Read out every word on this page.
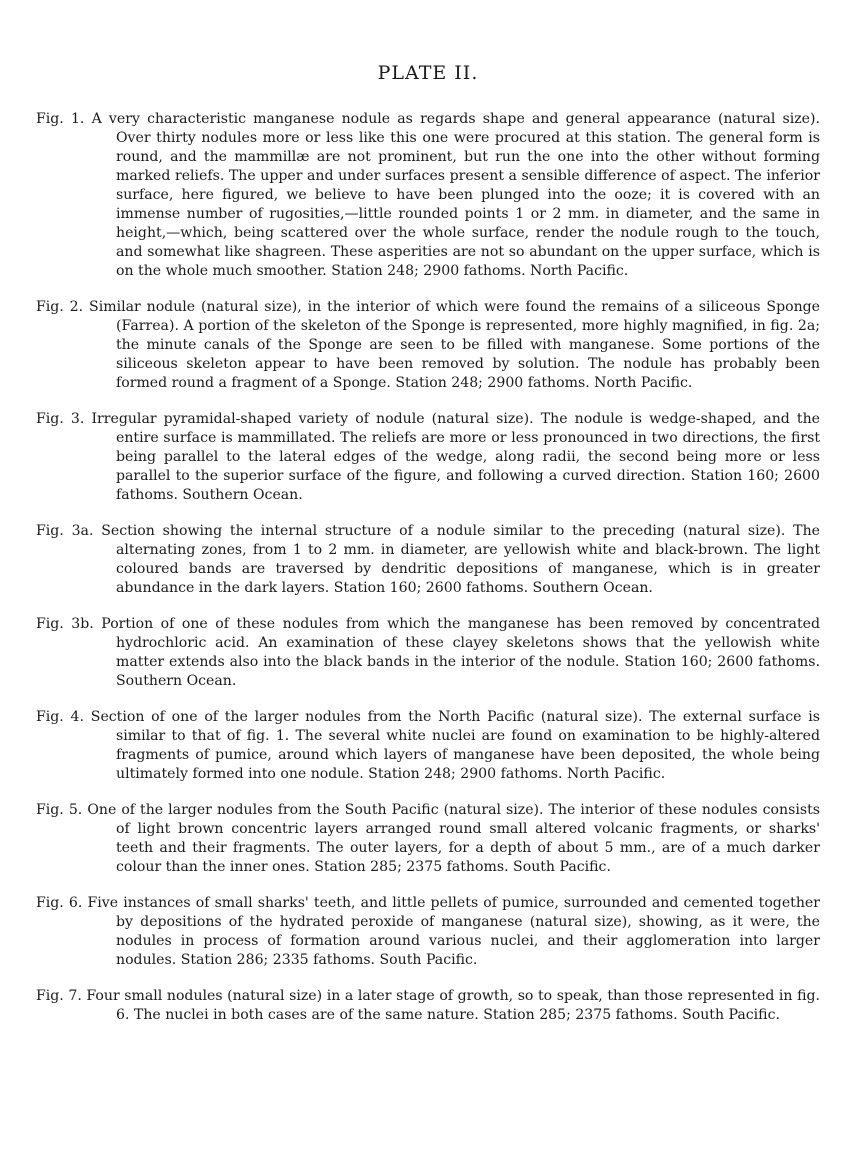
PLATE II.

Fig. 1. A very characteristic manganese nodule as regards shape and general appearance (natural size). Over thirty nodules more or less like this one were procured at this station. The general form is round, and the mammillæ are not prominent, but run the one into the other without forming marked reliefs. The upper and under surfaces present a sensible difference of aspect. The inferior surface, here figured, we believe to have been plunged into the ooze; it is covered with an immense number of rugosities,—little rounded points 1 or 2 mm. in diameter, and the same in height,—which, being scattered over the whole surface, render the nodule rough to the touch, and somewhat like shagreen. These asperities are not so abundant on the upper surface, which is on the whole much smoother. Station 248; 2900 fathoms. North Pacific.

Fig. 2. Similar nodule (natural size), in the interior of which were found the remains of a siliceous Sponge (Farrea). A portion of the skeleton of the Sponge is represented, more highly magnified, in fig. 2a; the minute canals of the Sponge are seen to be filled with manganese. Some portions of the siliceous skeleton appear to have been removed by solution. The nodule has probably been formed round a fragment of a Sponge. Station 248; 2900 fathoms. North Pacific.

Fig. 3. Irregular pyramidal-shaped variety of nodule (natural size). The nodule is wedge-shaped, and the entire surface is mammillated. The reliefs are more or less pronounced in two directions, the first being parallel to the lateral edges of the wedge, along radii, the second being more or less parallel to the superior surface of the figure, and following a curved direction. Station 160; 2600 fathoms. Southern Ocean.

Fig. 3a. Section showing the internal structure of a nodule similar to the preceding (natural size). The alternating zones, from 1 to 2 mm. in diameter, are yellowish white and black-brown. The light coloured bands are traversed by dendritic depositions of manganese, which is in greater abundance in the dark layers. Station 160; 2600 fathoms. Southern Ocean.

Fig. 3b. Portion of one of these nodules from which the manganese has been removed by concentrated hydrochloric acid. An examination of these clayey skeletons shows that the yellowish white matter extends also into the black bands in the interior of the nodule. Station 160; 2600 fathoms. Southern Ocean.

Fig. 4. Section of one of the larger nodules from the North Pacific (natural size). The external surface is similar to that of fig. 1. The several white nuclei are found on examination to be highly-altered fragments of pumice, around which layers of manganese have been deposited, the whole being ultimately formed into one nodule. Station 248; 2900 fathoms. North Pacific.

Fig. 5. One of the larger nodules from the South Pacific (natural size). The interior of these nodules consists of light brown concentric layers arranged round small altered volcanic fragments, or sharks' teeth and their fragments. The outer layers, for a depth of about 5 mm., are of a much darker colour than the inner ones. Station 285; 2375 fathoms. South Pacific.

Fig. 6. Five instances of small sharks' teeth, and little pellets of pumice, surrounded and cemented together by depositions of the hydrated peroxide of manganese (natural size), showing, as it were, the nodules in process of formation around various nuclei, and their agglomeration into larger nodules. Station 286; 2335 fathoms. South Pacific.

Fig. 7. Four small nodules (natural size) in a later stage of growth, so to speak, than those represented in fig. 6. The nuclei in both cases are of the same nature. Station 285; 2375 fathoms. South Pacific.
